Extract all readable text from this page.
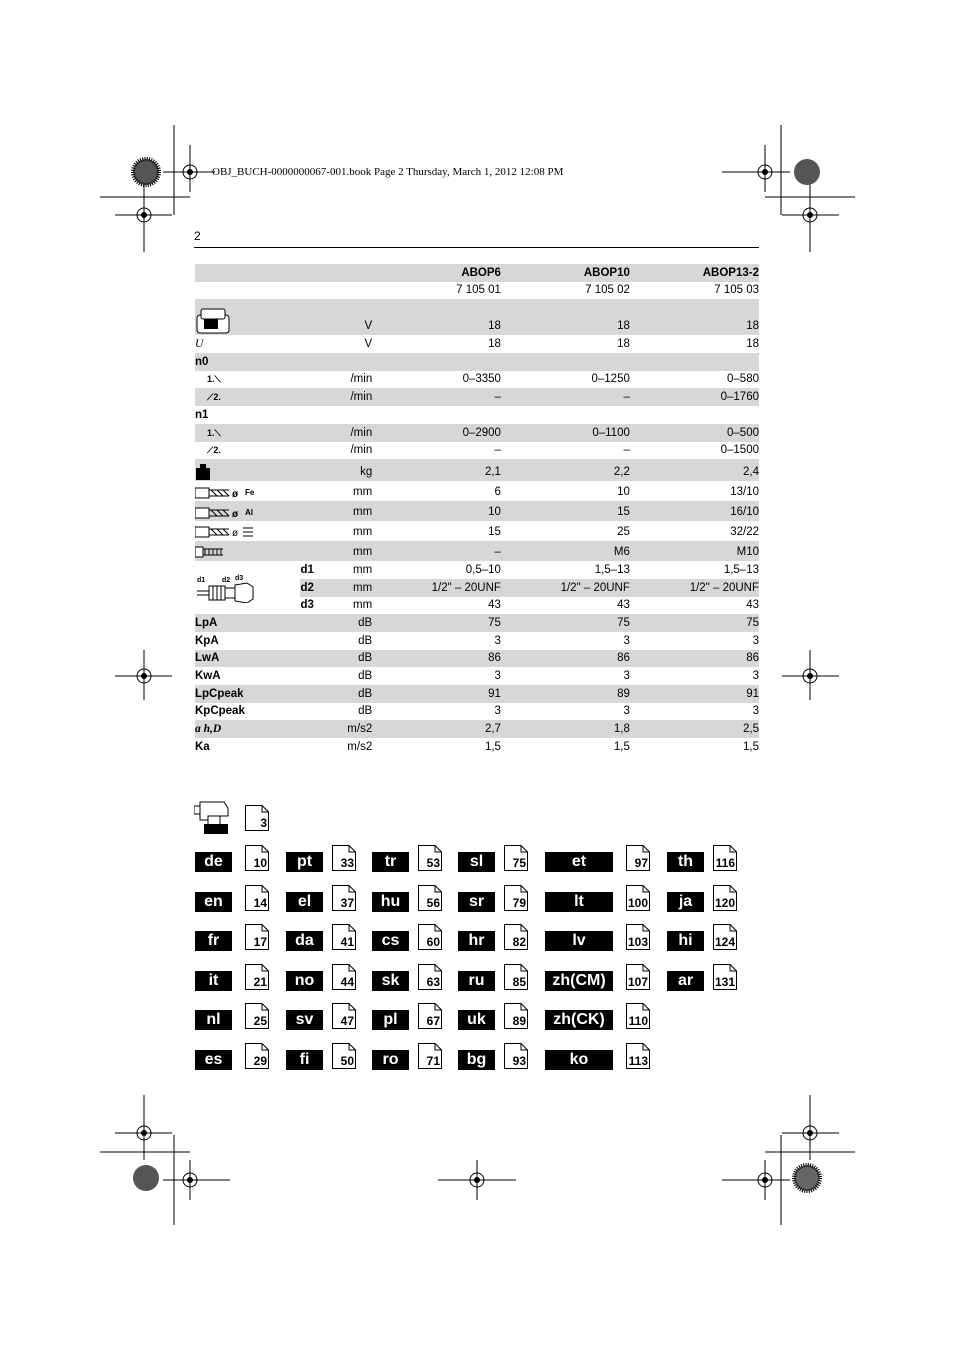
OBJ_BUCH-0000000067-001.book Page 2 Thursday, March 1, 2012 12:08 PM
2
			ABOP6	ABOP10	ABOP13-2
			7 105 01	7 105 02	7 105 03
		V	18	18	18
U		V	18	18	18
n0					
1.⟍		/min	0–3350	0–1250	0–580
⟋2.		/min	–	–	0–1760
n1					
1.⟍		/min	0–2900	0–1100	0–500
⟋2.		/min	–	–	0–1500
		kg	2,1	2,2	2,4

ø Fe		mm	6	10	13/10

ø Al		mm	10	15	16/10

ø		mm	15	25	32/22
		mm	–	M6	M10

d1 d2 d3	d1	mm	0,5–10	1,5–13	1,5–13
	d2	mm	1/2" – 20UNF	1/2" – 20UNF	1/2" – 20UNF
	d3	mm	43	43	43
LpA		dB	75	75	75
KpA		dB	3	3	3
LwA		dB	86	86	86
KwA		dB	3	3	3
LpCpeak		dB	91	89	91
KpCpeak		dB	3	3	3
a h,D		m/s2	2,7	1,8	2,5
Ka		m/s2	1,5	1,5	1,5
3
de	10
en	14
fr	17
it	21
nl	25
es	29
pt	33
el	37
da	41
no	44
sv	47
fi	50
tr	53
hu	56
cs	60
sk	63
pl	67
ro	71
sl	75
sr	79
hr	82
ru	85
uk	89
bg	93
et	97
lt	100
lv	103
zh(CM)	107
zh(CK)	110
ko	113
th	116
ja	120
hi	124
ar	131
